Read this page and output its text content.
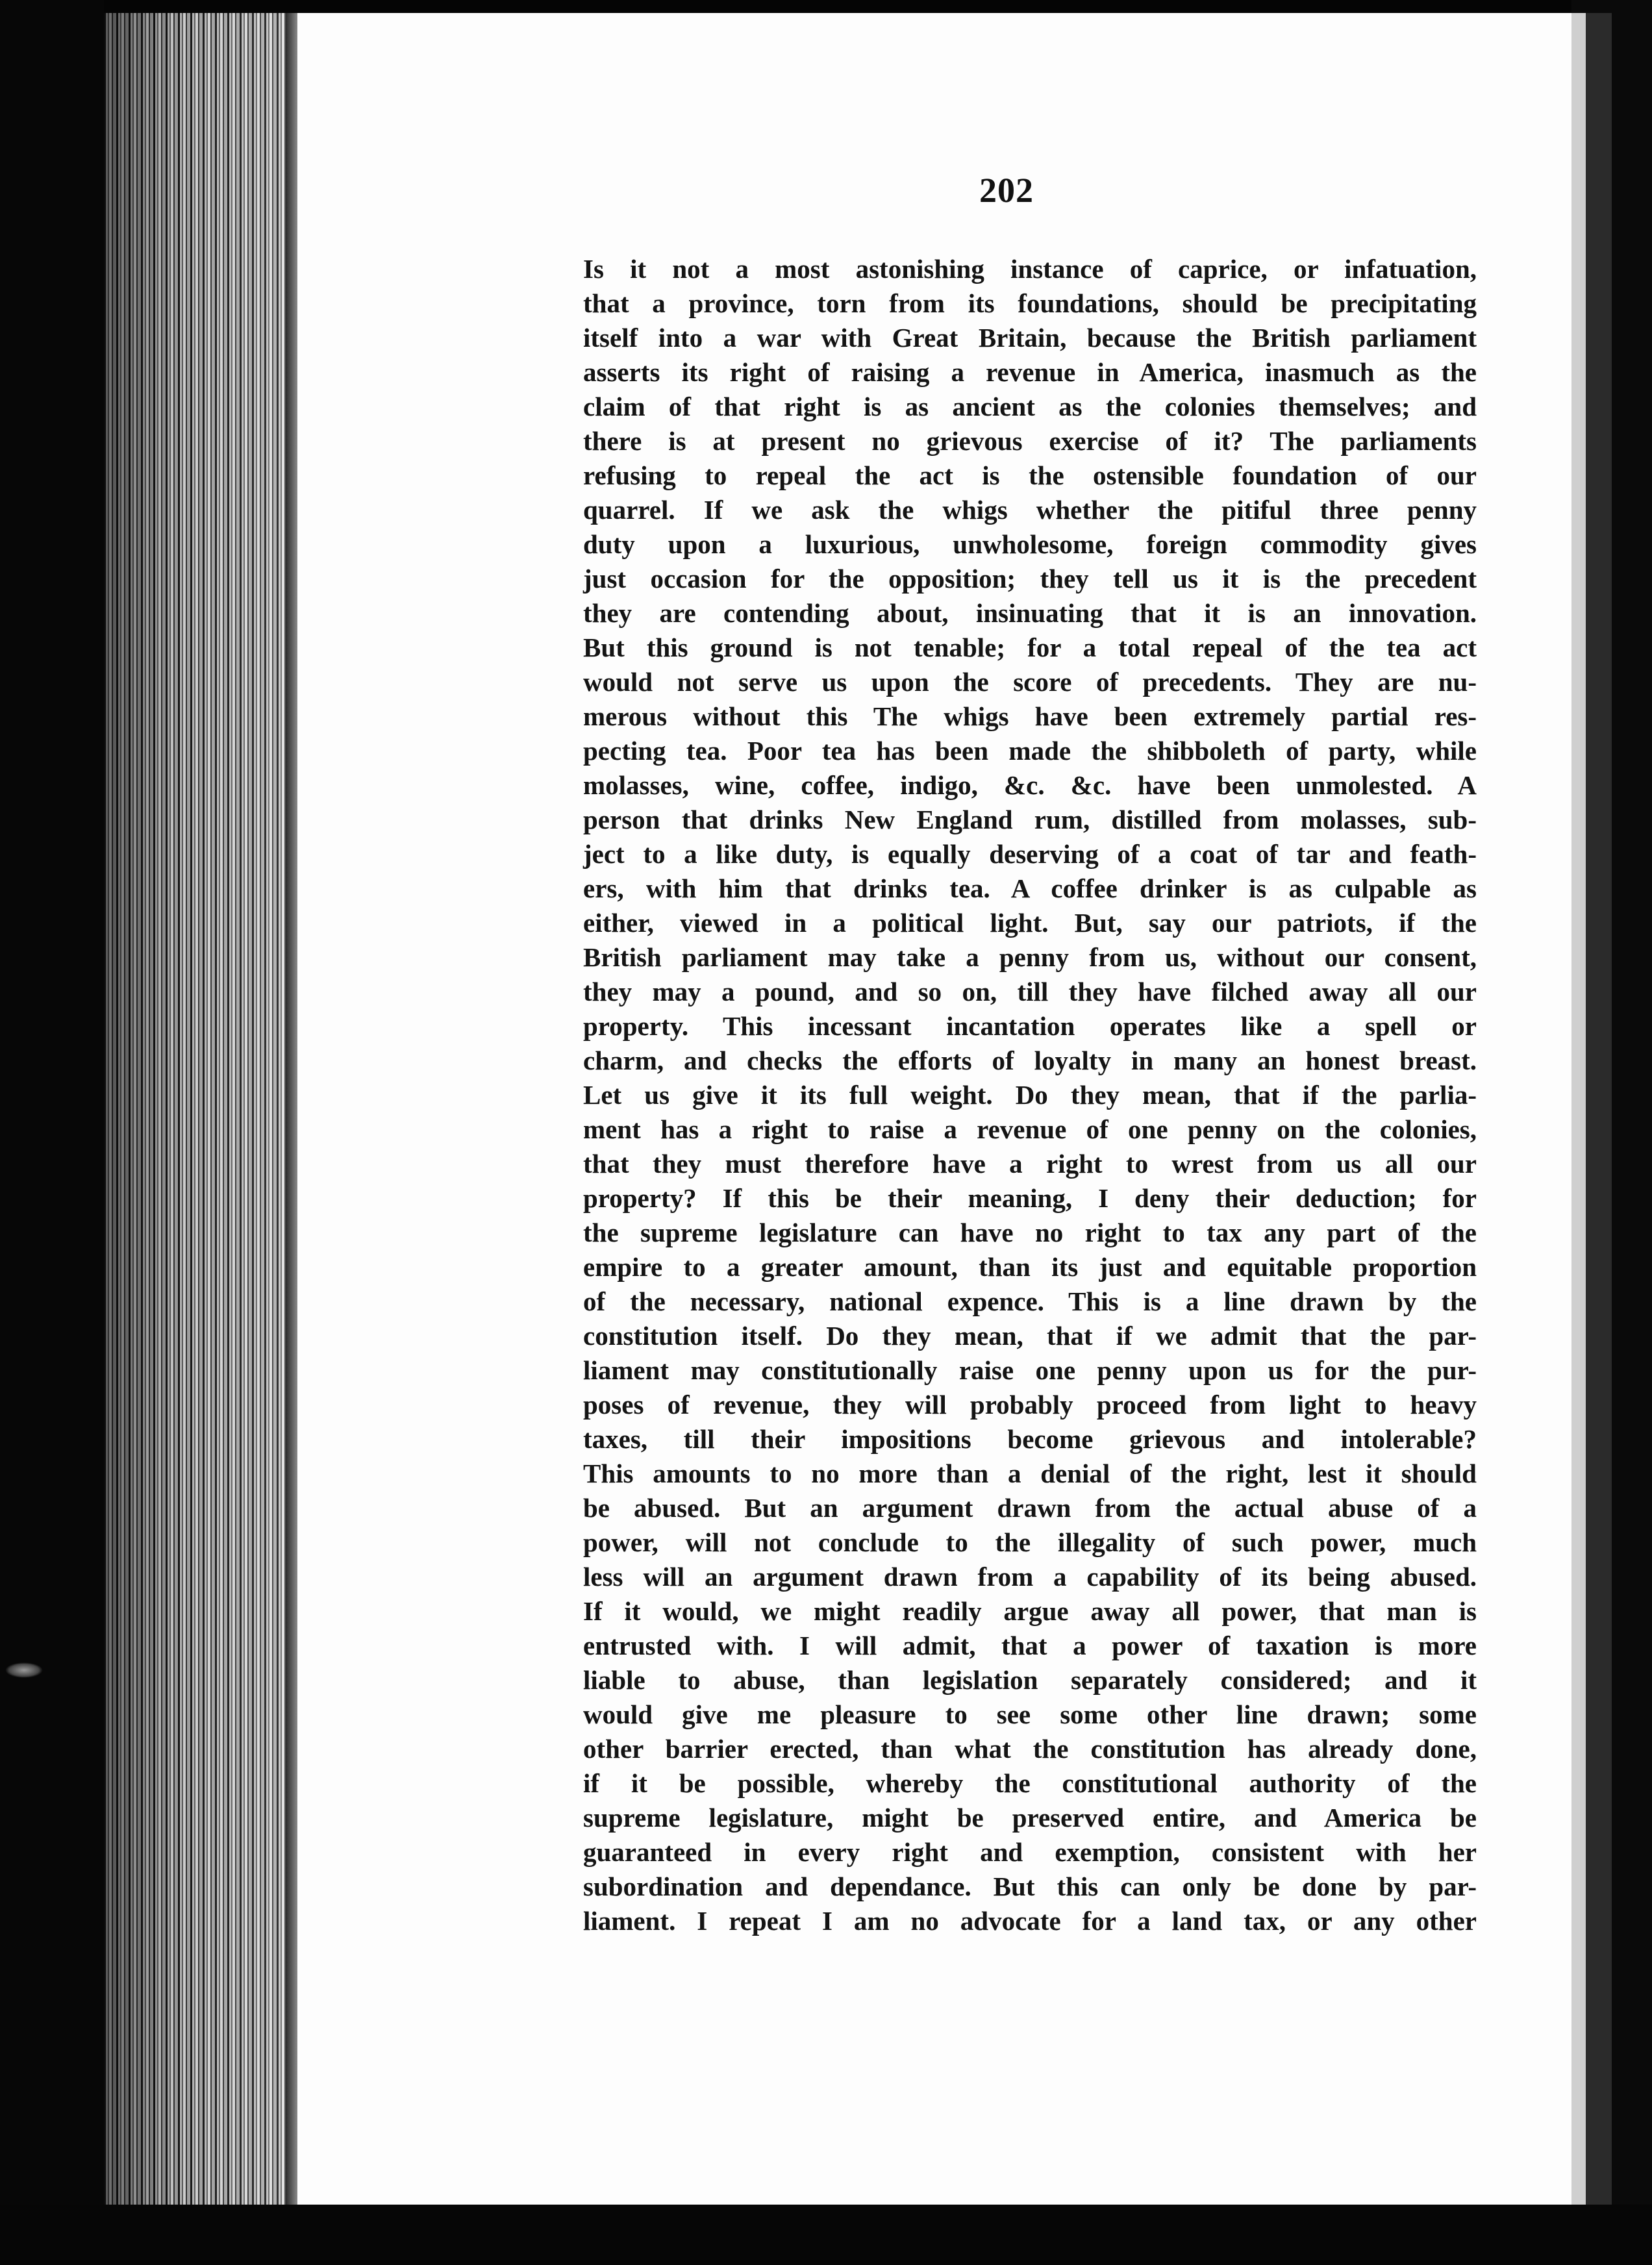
202
Is it not a most astonishing instance of caprice, or infatuation,
that a province, torn from its foundations, should be precipitating
itself into a war with Great Britain, because the British parliament
asserts its right of raising a revenue in America, inasmuch as the
claim of that right is as ancient as the colonies themselves; and
there is at present no grievous exercise of it? The parliaments
refusing to repeal the act is the ostensible foundation of our
quarrel. If we ask the whigs whether the pitiful three penny
duty upon a luxurious, unwholesome, foreign commodity gives
just occasion for the opposition; they tell us it is the precedent
they are contending about, insinuating that it is an innovation.
But this ground is not tenable; for a total repeal of the tea act
would not serve us upon the score of precedents. They are nu-
merous without this The whigs have been extremely partial res-
pecting tea. Poor tea has been made the shibboleth of party, while
molasses, wine, coffee, indigo, &c. &c. have been unmolested. A
person that drinks New England rum, distilled from molasses, sub-
ject to a like duty, is equally deserving of a coat of tar and feath-
ers, with him that drinks tea. A coffee drinker is as culpable as
either, viewed in a political light. But, say our patriots, if the
British parliament may take a penny from us, without our consent,
they may a pound, and so on, till they have filched away all our
property. This incessant incantation operates like a spell or
charm, and checks the efforts of loyalty in many an honest breast.
Let us give it its full weight. Do they mean, that if the parlia-
ment has a right to raise a revenue of one penny on the colonies,
that they must therefore have a right to wrest from us all our
property? If this be their meaning, I deny their deduction; for
the supreme legislature can have no right to tax any part of the
empire to a greater amount, than its just and equitable proportion
of the necessary, national expence. This is a line drawn by the
constitution itself. Do they mean, that if we admit that the par-
liament may constitutionally raise one penny upon us for the pur-
poses of revenue, they will probably proceed from light to heavy
taxes, till their impositions become grievous and intolerable?
This amounts to no more than a denial of the right, lest it should
be abused. But an argument drawn from the actual abuse of a
power, will not conclude to the illegality of such power, much
less will an argument drawn from a capability of its being abused.
If it would, we might readily argue away all power, that man is
entrusted with. I will admit, that a power of taxation is more
liable to abuse, than legislation separately considered; and it
would give me pleasure to see some other line drawn; some
other barrier erected, than what the constitution has already done,
if it be possible, whereby the constitutional authority of the
supreme legislature, might be preserved entire, and America be
guaranteed in every right and exemption, consistent with her
subordination and dependance. But this can only be done by par-
liament. I repeat I am no advocate for a land tax, or any other
